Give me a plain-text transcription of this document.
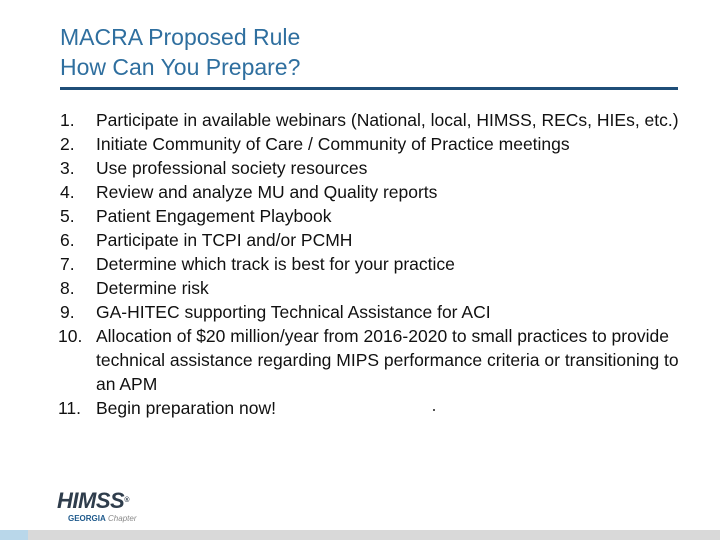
MACRA Proposed Rule
How Can You Prepare?
1.	Participate in available webinars (National, local, HIMSS, RECs, HIEs, etc.)
2.	Initiate Community of Care / Community of Practice meetings
3.	Use professional society resources
4.	Review and analyze MU and Quality reports
5.	Patient Engagement Playbook
6.	Participate in TCPI and/or PCMH
7.	Determine which track is best for your practice
8.	Determine risk
9.	GA-HITEC supporting Technical Assistance for ACI
10. Allocation of $20 million/year from 2016-2020 to small practices to provide technical assistance regarding MIPS performance criteria or transitioning to an APM
11. Begin preparation now!
HIMSS®
GEORGIA Chapter
